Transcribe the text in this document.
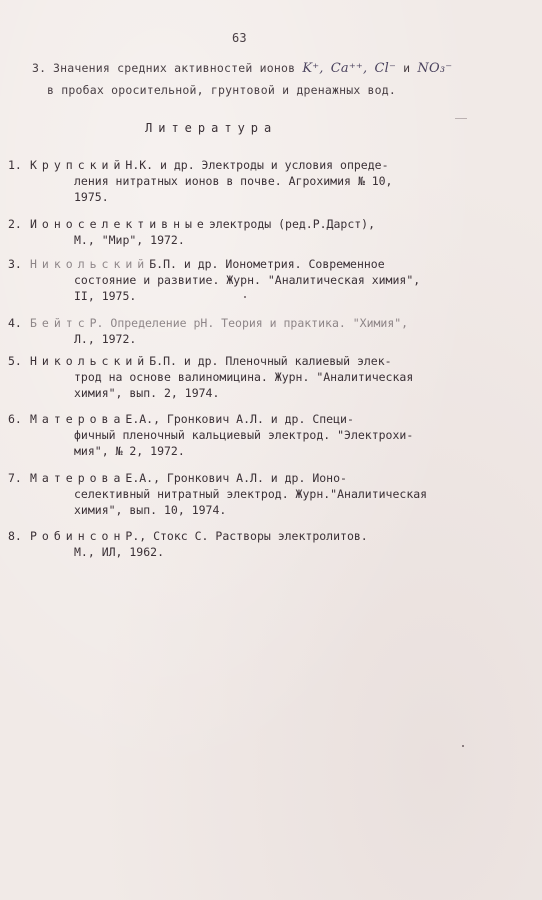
63
3. Значения средних активностей ионов K⁺, Ca⁺⁺, Cl⁻ и NO₃⁻
в пробах оросительной, грунтовой и дренажных вод.
Литература
1. Крупский Н.К. и др. Электроды и условия опреде-
ления нитратных ионов в почве. Агрохимия № 10,
1975.
2. Ионоселективные электроды (ред.Р.Дарст),
М., "Мир", 1972.
3. Никольский Б.П. и др. Ионометрия. Современное
состояние и развитие. Журн. "Аналитическая химия",
II, 1975.
4. Бейтс Р. Определение рН. Теория и практика. "Химия",
Л., 1972.
5. Никольский Б.П. и др. Пленочный калиевый элек-
трод на основе валиномицина. Журн. "Аналитическая
химия", вып. 2, 1974.
6. Матерова Е.А., Гронкович А.Л. и др. Специ-
фичный пленочный кальциевый электрод. "Электрохи-
мия", № 2, 1972.
7. Матерова Е.А., Гронкович А.Л. и др. Ионо-
селективный нитратный электрод. Журн."Аналитическая
химия", вып. 10, 1974.
8. Робинсон Р., Стокс С. Растворы электролитов.
М., ИЛ, 1962.
